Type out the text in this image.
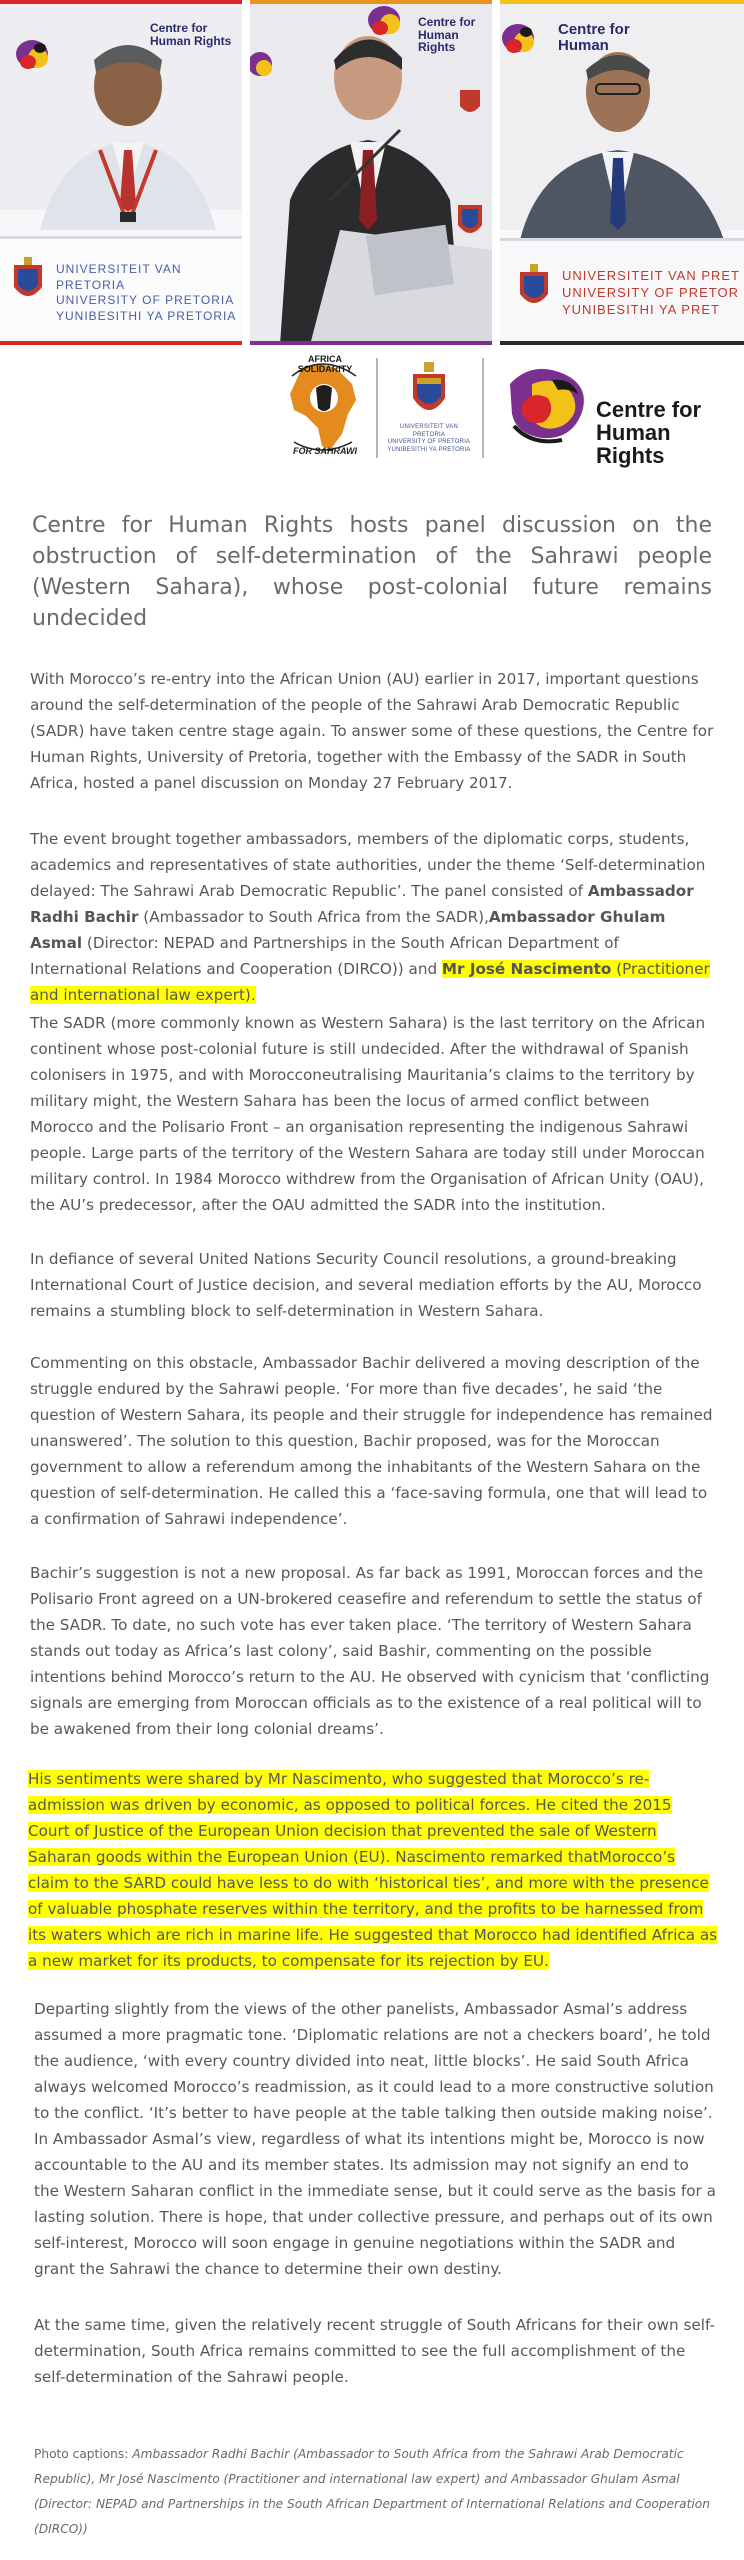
Centre for
Human Rights
UNIVERSITEIT VAN PRETORIA
UNIVERSITY OF PRETORIA
YUNIBESITHI YA PRETORIA
Centre for
Human Rights
Centre for
Human
UNIVERSITEIT VAN PRET
UNIVERSITY OF PRETOR
YUNIBESITHI YA PRET
AFRICA SOLIDARITY
FOR SAHRAWI
UNIVERSITEIT VAN PRETORIA
UNIVERSITY OF PRETORIA
YUNIBESITHI YA PRETORIA
Centre for
Human Rights
Centre for Human Rights hosts panel discussion on the obstruction of self-determination of the Sahrawi people (Western Sahara), whose post-colonial future remains undecided

With Morocco’s re-entry into the African Union (AU) earlier in 2017, important questions around the self-determination of the people of the Sahrawi Arab Democratic Republic (SADR) have taken centre stage again. To answer some of these questions, the Centre for Human Rights, University of Pretoria, together with the Embassy of the SADR in South Africa, hosted a panel discussion on Monday 27 February 2017.

The event brought together ambassadors, members of the diplomatic corps, students, academics and representatives of state authorities, under the theme ‘Self-determination delayed: The Sahrawi Arab Democratic Republic’. The panel consisted of Ambassador Radhi Bachir (Ambassador to South Africa from the SADR),Ambassador Ghulam Asmal (Director: NEPAD and Partnerships in the South African Department of International Relations and Cooperation (DIRCO)) and Mr José Nascimento (Practitioner and international law expert).

The SADR (more commonly known as Western Sahara) is the last territory on the African continent whose post-colonial future is still undecided. After the withdrawal of Spanish colonisers in 1975, and with Morocconeutralising Mauritania’s claims to the territory by military might, the Western Sahara has been the locus of armed conflict between Morocco and the Polisario Front – an organisation representing the indigenous Sahrawi people. Large parts of the territory of the Western Sahara are today still under Moroccan military control. In 1984 Morocco withdrew from the Organisation of African Unity (OAU), the AU’s predecessor, after the OAU admitted the SADR into the institution.

In defiance of several United Nations Security Council resolutions, a ground-breaking International Court of Justice decision, and several mediation efforts by the AU, Morocco remains a stumbling block to self-determination in Western Sahara.

Commenting on this obstacle, Ambassador Bachir delivered a moving description of the struggle endured by the Sahrawi people. ‘For more than five decades’, he said ‘the question of Western Sahara, its people and their struggle for independence has remained unanswered’. The solution to this question, Bachir proposed, was for the Moroccan government to allow a referendum among the inhabitants of the Western Sahara on the question of self-determination. He called this a ‘face-saving formula, one that will lead to a confirmation of Sahrawi independence’.

Bachir’s suggestion is not a new proposal. As far back as 1991, Moroccan forces and the Polisario Front agreed on a UN-brokered ceasefire and referendum to settle the status of the SADR. To date, no such vote has ever taken place. ‘The territory of Western Sahara stands out today as Africa’s last colony’, said Bashir, commenting on the possible intentions behind Morocco’s return to the AU. He observed with cynicism that ‘conflicting signals are emerging from Moroccan officials as to the existence of a real political will to be awakened from their long colonial dreams’.

His sentiments were shared by Mr Nascimento, who suggested that Morocco’s re-admission was driven by economic, as opposed to political forces. He cited the 2015 Court of Justice of the European Union decision that prevented the sale of Western Saharan goods within the European Union (EU). Nascimento remarked thatMorocco’s claim to the SARD could have less to do with ‘historical ties’, and more with the presence of valuable phosphate reserves within the territory, and the profits to be harnessed from its waters which are rich in marine life. He suggested that Morocco had identified Africa as a new market for its products, to compensate for its rejection by EU.

Departing slightly from the views of the other panelists, Ambassador Asmal’s address assumed a more pragmatic tone. ‘Diplomatic relations are not a checkers board’, he told the audience, ‘with every country divided into neat, little blocks’. He said South Africa always welcomed Morocco’s readmission, as it could lead to a more constructive solution to the conflict. ‘It’s better to have people at the table talking then outside making noise’. In Ambassador Asmal’s view, regardless of what its intentions might be, Morocco is now accountable to the AU and its member states. Its admission may not signify an end to the Western Saharan conflict in the immediate sense, but it could serve as the basis for a lasting solution. There is hope, that under collective pressure, and perhaps out of its own self-interest, Morocco will soon engage in genuine negotiations within the SADR and grant the Sahrawi the chance to determine their own destiny.

At the same time, given the relatively recent struggle of South Africans for their own self-determination, South Africa remains committed to see the full accomplishment of the self-determination of the Sahrawi people.

Photo captions: Ambassador Radhi Bachir (Ambassador to South Africa from the Sahrawi Arab Democratic Republic), Mr José Nascimento (Practitioner and international law expert) and Ambassador Ghulam Asmal (Director: NEPAD and Partnerships in the South African Department of International Relations and Cooperation (DIRCO))
